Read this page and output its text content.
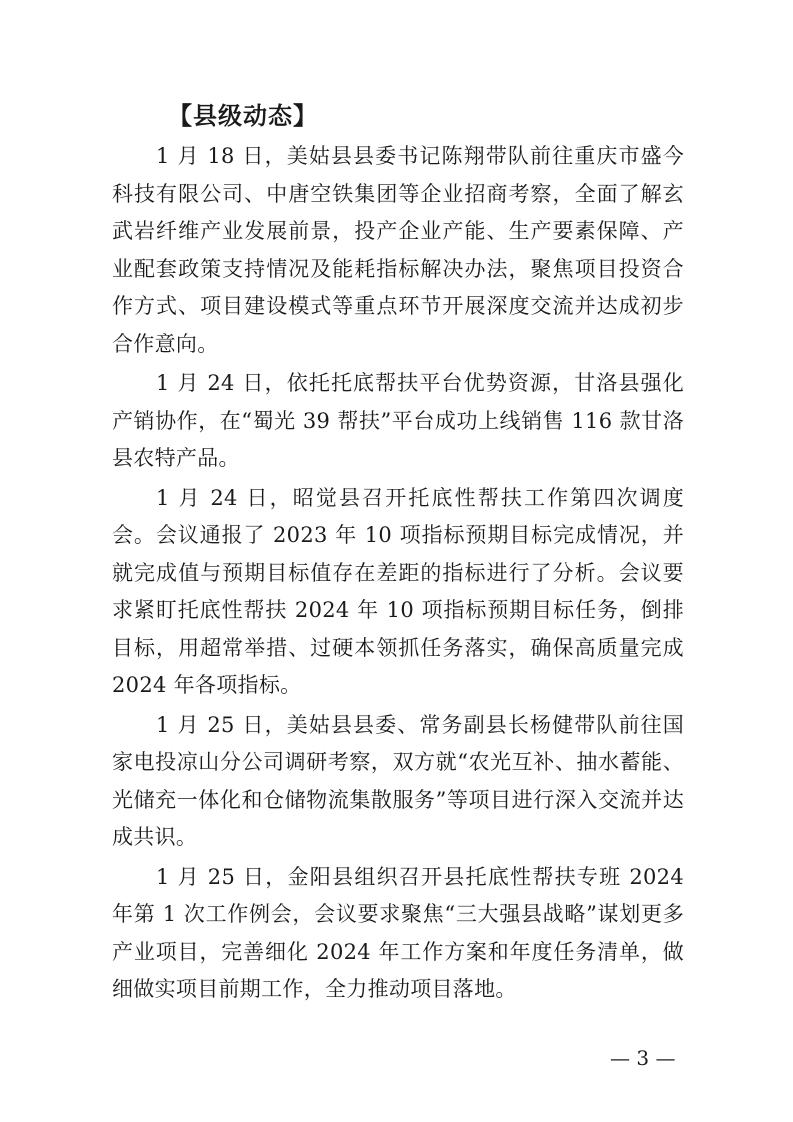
【县级动态】

1 月 18 日，美姑县县委书记陈翔带队前往重庆市盛今科技有限公司、中唐空铁集团等企业招商考察，全面了解玄武岩纤维产业发展前景，投产企业产能、生产要素保障、产业配套政策支持情况及能耗指标解决办法，聚焦项目投资合作方式、项目建设模式等重点环节开展深度交流并达成初步合作意向。

1 月 24 日，依托托底帮扶平台优势资源，甘洛县强化产销协作，在“蜀光 39 帮扶”平台成功上线销售 116 款甘洛县农特产品。

1 月 24 日，昭觉县召开托底性帮扶工作第四次调度会。会议通报了 2023 年 10 项指标预期目标完成情况，并就完成值与预期目标值存在差距的指标进行了分析。会议要求紧盯托底性帮扶 2024 年 10 项指标预期目标任务，倒排目标，用超常举措、过硬本领抓任务落实，确保高质量完成 2024 年各项指标。

1 月 25 日，美姑县县委、常务副县长杨健带队前往国家电投凉山分公司调研考察，双方就“农光互补、抽水蓄能、光储充一体化和仓储物流集散服务”等项目进行深入交流并达成共识。

1 月 25 日，金阳县组织召开县托底性帮扶专班 2024 年第 1 次工作例会，会议要求聚焦“三大强县战略”谋划更多产业项目，完善细化 2024 年工作方案和年度任务清单，做细做实项目前期工作，全力推动项目落地。

— 3 —
